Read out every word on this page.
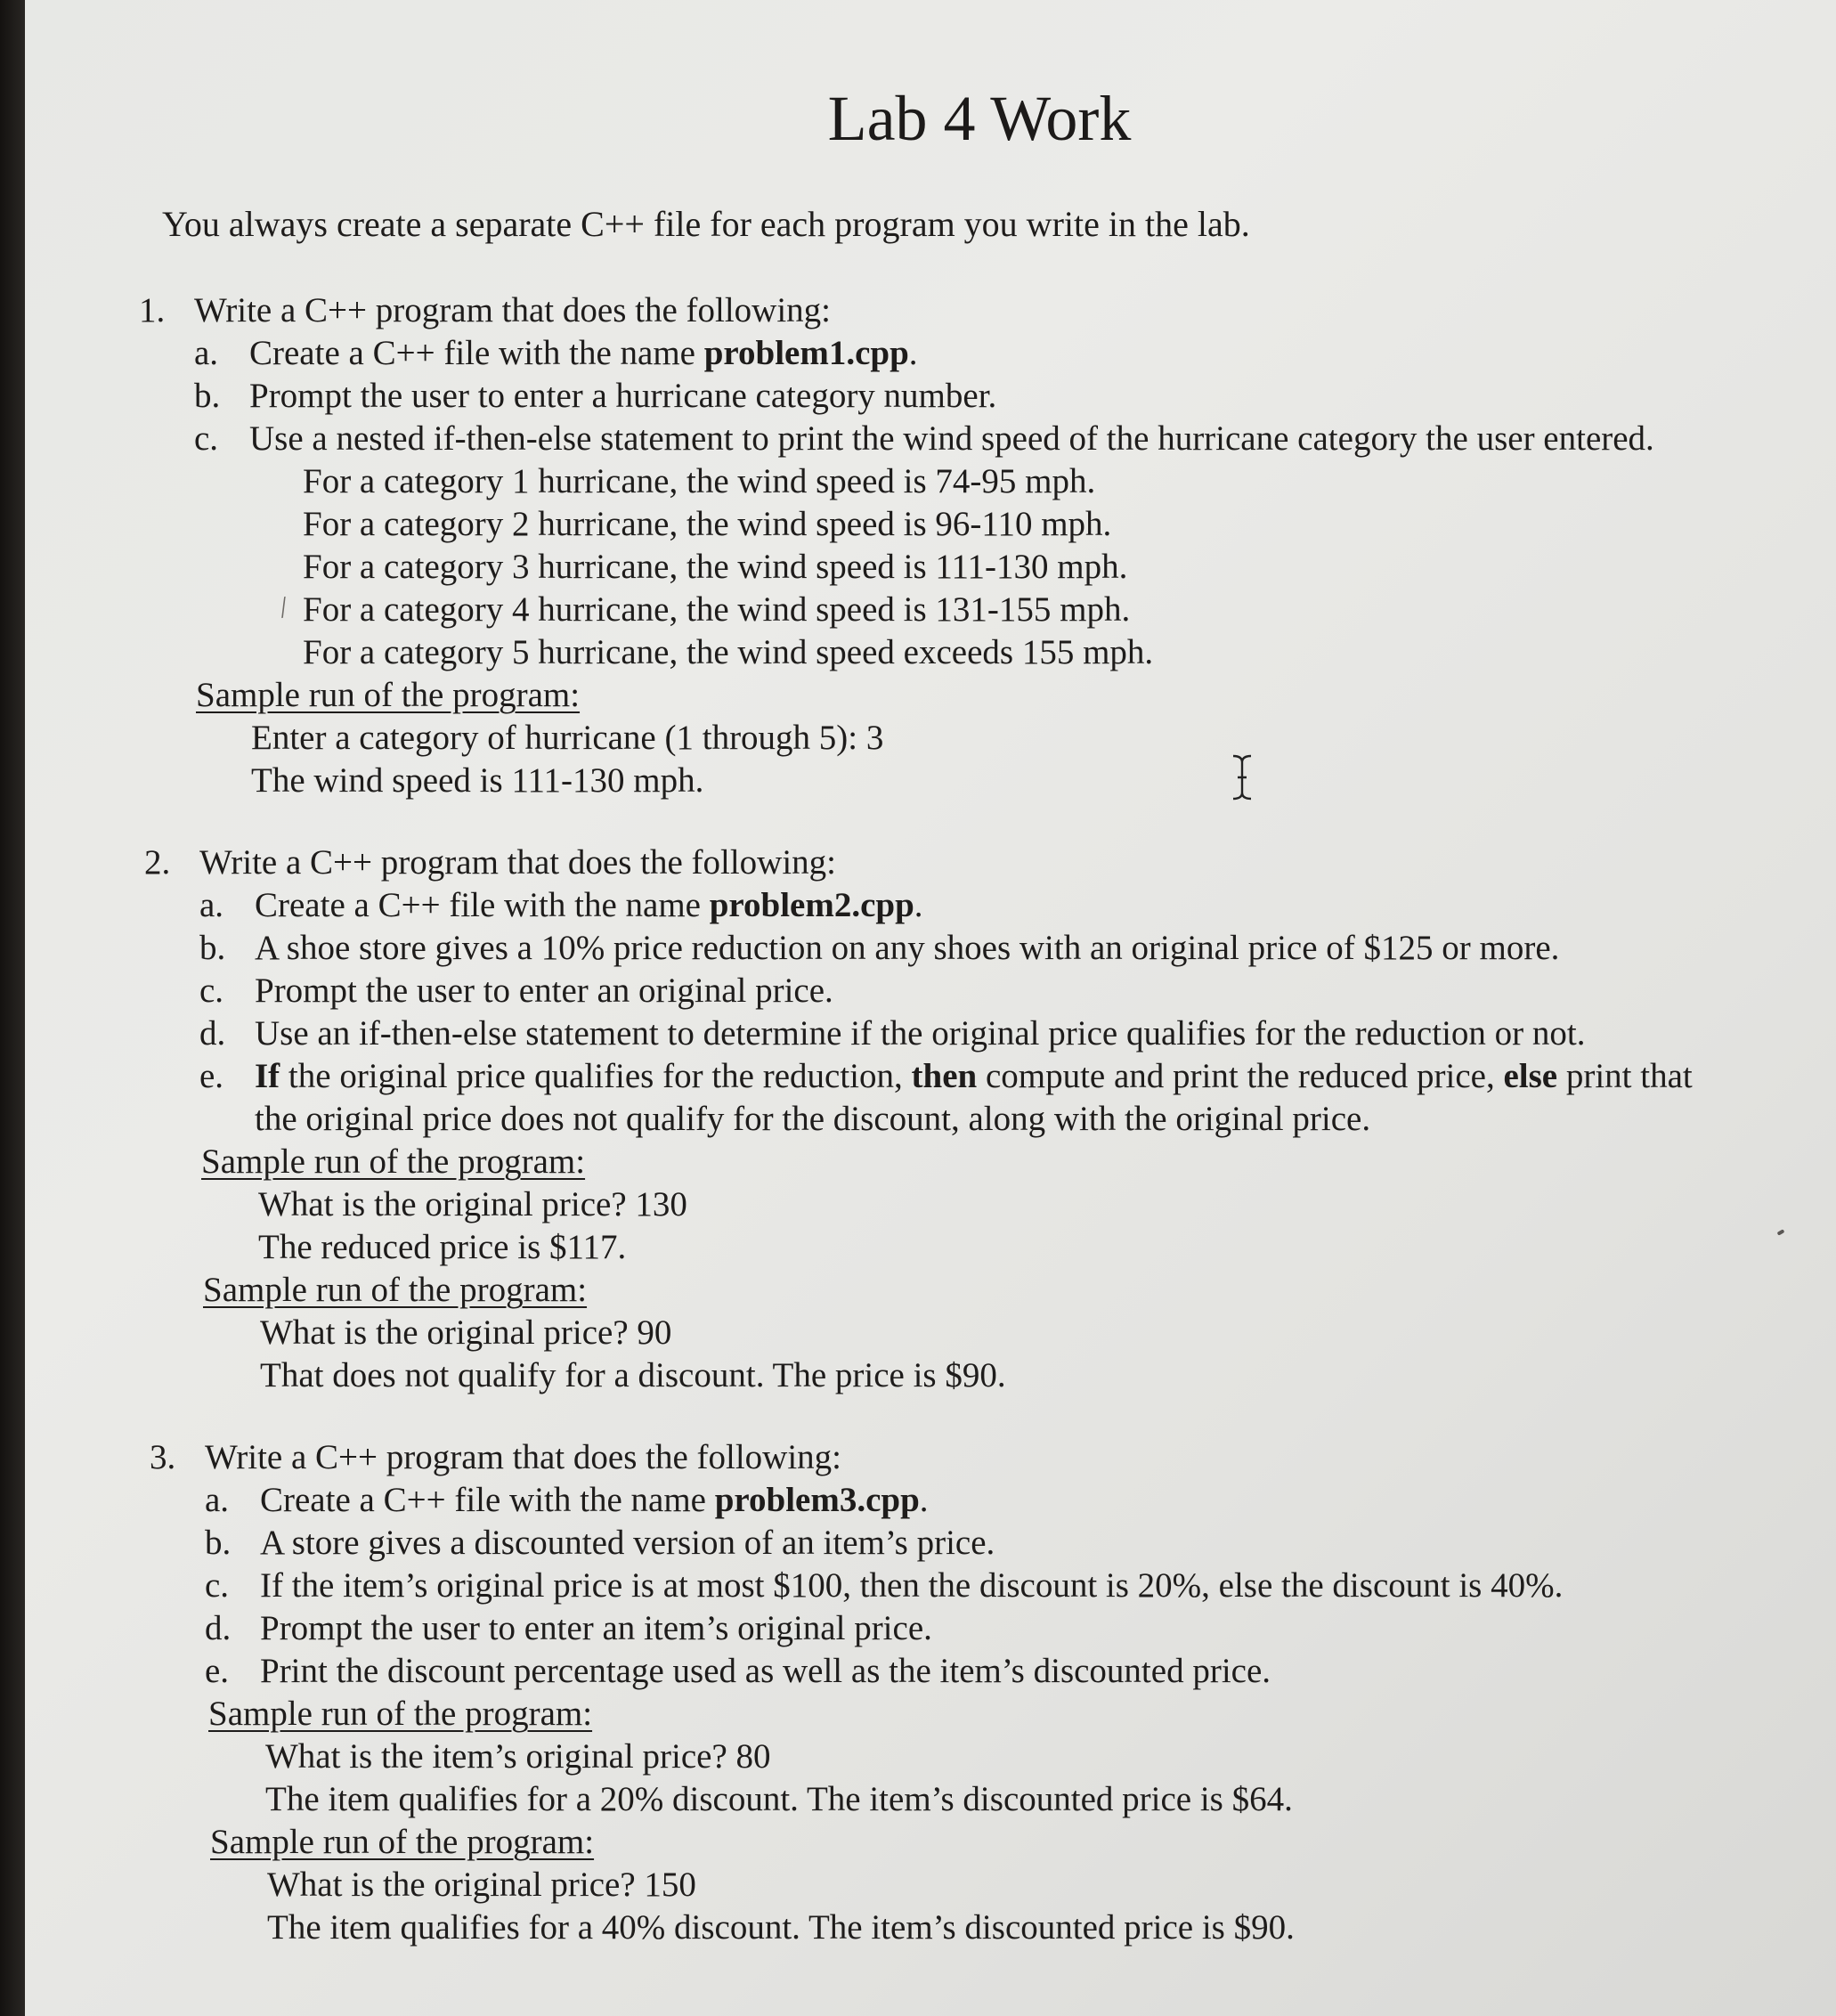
Lab 4 Work
You always create a separate C++ file for each program you write in the lab.
1. Write a C++ program that does the following:
a. Create a C++ file with the name problem1.cpp.
b. Prompt the user to enter a hurricane category number.
c. Use a nested if-then-else statement to print the wind speed of the hurricane category the user entered.
For a category 1 hurricane, the wind speed is 74-95 mph.
For a category 2 hurricane, the wind speed is 96-110 mph.
For a category 3 hurricane, the wind speed is 111-130 mph.
/ For a category 4 hurricane, the wind speed is 131-155 mph.
For a category 5 hurricane, the wind speed exceeds 155 mph.
Sample run of the program:
Enter a category of hurricane (1 through 5): 3
The wind speed is 111-130 mph.
2. Write a C++ program that does the following:
a. Create a C++ file with the name problem2.cpp.
b. A shoe store gives a 10% price reduction on any shoes with an original price of $125 or more.
c. Prompt the user to enter an original price.
d. Use an if-then-else statement to determine if the original price qualifies for the reduction or not.
e. If the original price qualifies for the reduction, then compute and print the reduced price, else print that
the original price does not qualify for the discount, along with the original price.
Sample run of the program:
What is the original price? 130
The reduced price is $117.
Sample run of the program:
What is the original price? 90
That does not qualify for a discount. The price is $90.
3. Write a C++ program that does the following:
a. Create a C++ file with the name problem3.cpp.
b. A store gives a discounted version of an item’s price.
c. If the item’s original price is at most $100, then the discount is 20%, else the discount is 40%.
d. Prompt the user to enter an item’s original price.
e. Print the discount percentage used as well as the item’s discounted price.
Sample run of the program:
What is the item’s original price? 80
The item qualifies for a 20% discount. The item’s discounted price is $64.
Sample run of the program:
What is the original price? 150
The item qualifies for a 40% discount. The item’s discounted price is $90.
